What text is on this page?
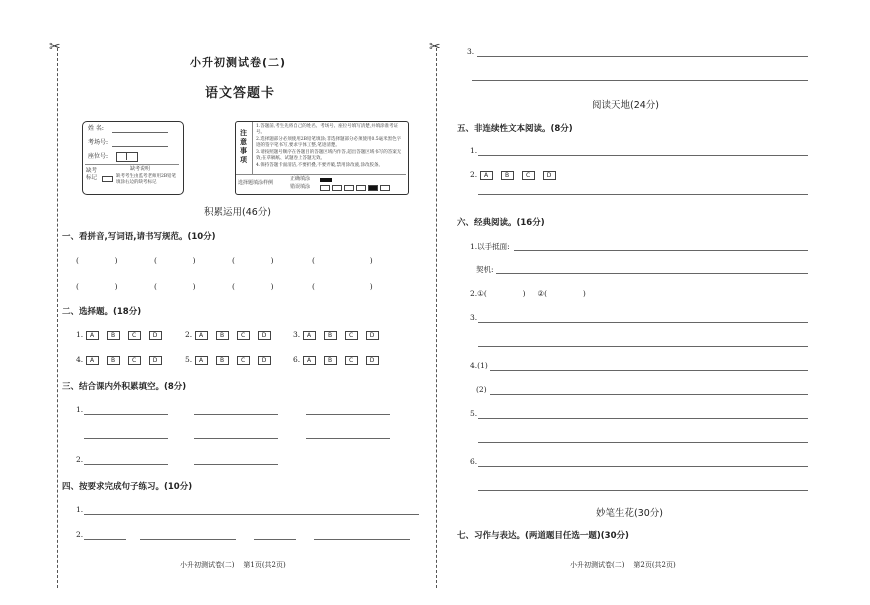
✂	✂
小升初测试卷(二)
语文答题卡
姓 名:
考场号:
座位号:
缺考标记
缺考说明
缺考考生由监考老师用2B铅笔填涂右边的缺考标记
注意事项
1.答题前,考生先将自己的姓名、考场号、座位号填写清楚,并填涂准考证号。
2.选择题部分必须使用2B铅笔填涂;非选择题部分必须使用0.5毫米黑色字迹的签字笔书写,要求字体工整,笔迹清楚。
3.请按照题号顺序在各题目的答题区域内作答,超出答题区域书写的答案无效;在草稿纸、试题卷上答题无效。
4.保持答题卡面清洁,不要折叠,不要弄破,禁用涂改液,涂改胶条。
选择题填涂样例
正确填涂
错误填涂
积累运用(46分)
一、看拼音,写词语,请书写规范。(10分)
(               )	(               )	(               )	(                       )
(               )	(               )	(               )	(                       )
二、选择题。(18分)
1. A	B	C	D	2. A	B	C	D	3. A	B	C	D
4. A	B	C	D	5. A	B	C	D	6. A	B	C	D
三、结合课内外积累填空。(8分)
1.
2.
四、按要求完成句子练习。(10分)
1.
2.
小升初测试卷(二)    第1页(共2页)
3.
阅读天地(24分)
五、非连续性文本阅读。(8分)
1.
2. A	B	C	D
六、经典阅读。(16分)
1.以手抵面:
契机:
2.①(               )     ②(               )
3.
4.(1)
(2)
5.
6.
妙笔生花(30分)
七、习作与表达。(两道题目任选一题)(30分)
小升初测试卷(二)    第2页(共2页)
